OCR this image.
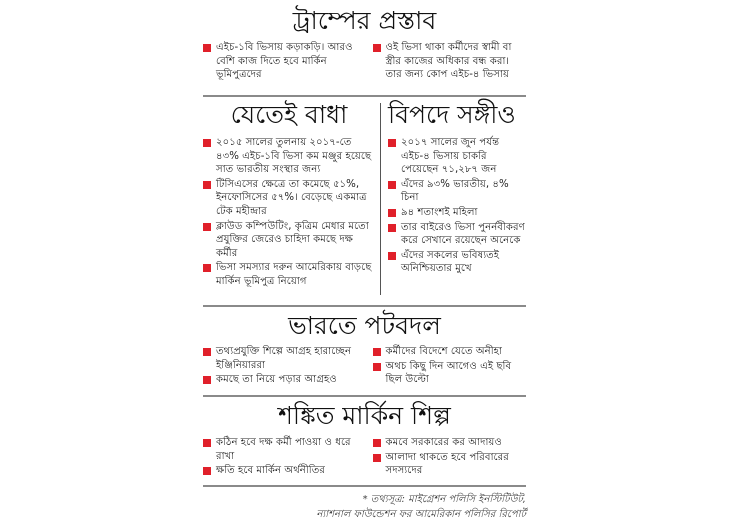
ট্রাম্পের প্রস্তাব
এইচ-১বি ভিসায় কড়াকড়ি। আরও বেশি কাজ দিতে হবে মার্কিন ভূমিপুত্রদের
ওই ভিসা থাকা কর্মীদের স্বামী বা স্ত্রীর কাজের অধিকার বন্ধ করা। তার জন্য কোপ এইচ-৪ ভিসায়
যেতেই বাধা
২০১৫ সালের তুলনায় ২০১৭-তে ৪৩% এইচ-১বি ভিসা কম মঞ্জুর হয়েছে সাত ভারতীয় সংস্থার জন্য
টিসিএসের ক্ষেত্রে তা কমেছে ৫১%, ইনফোসিসের ৫৭%। বেড়েছে একমাত্র টেক মহীন্দ্রার
ক্লাউড কম্পিউটিং, কৃত্রিম মেধার মতো প্রযুক্তির জেরেও চাহিদা কমছে দক্ষ কর্মীর
ভিসা সমস্যার দরুন আমেরিকায় বাড়ছে মার্কিন ভূমিপুত্র নিয়োগ
বিপদে সঙ্গীও
২০১৭ সালের জুন পর্যন্ত এইচ-৪ ভিসায় চাকরি পেয়েছেন ৭১,২৮৭ জন
এঁদের ৯৩% ভারতীয়, ৪% চিনা
৯৪ শতাংশই মহিলা
তার বাইরেও ভিসা পুনর্নবীকরণ করে সেখানে রয়েছেন অনেকে
এঁদের সকলের ভবিষ্যতই অনিশ্চিয়তার মুখে
ভারতে পটবদল
তথ্যপ্রযুক্তি শিল্পে আগ্রহ হারাচ্ছেন ইঞ্জিনিয়াররা
কমছে তা নিয়ে পড়ার আগ্রহও
কর্মীদের বিদেশে যেতে অনীহা
অথচ কিছু দিন আগেও এই ছবি ছিল উল্টো
শঙ্কিত মার্কিন শিল্প
কঠিন হবে দক্ষ কর্মী পাওয়া ও ধরে রাখা
ক্ষতি হবে মার্কিন অর্থনীতির
কমবে সরকারের কর আদায়ও
আলাদা থাকতে হবে পরিবারের সদস্যদের
* তথ্যসূত্র: মাইগ্রেশন পলিসি ইনস্টিটিউট,
ন্যাশনাল ফাউন্ডেশন ফর আমেরিকান পলিসির রিপোর্ট
